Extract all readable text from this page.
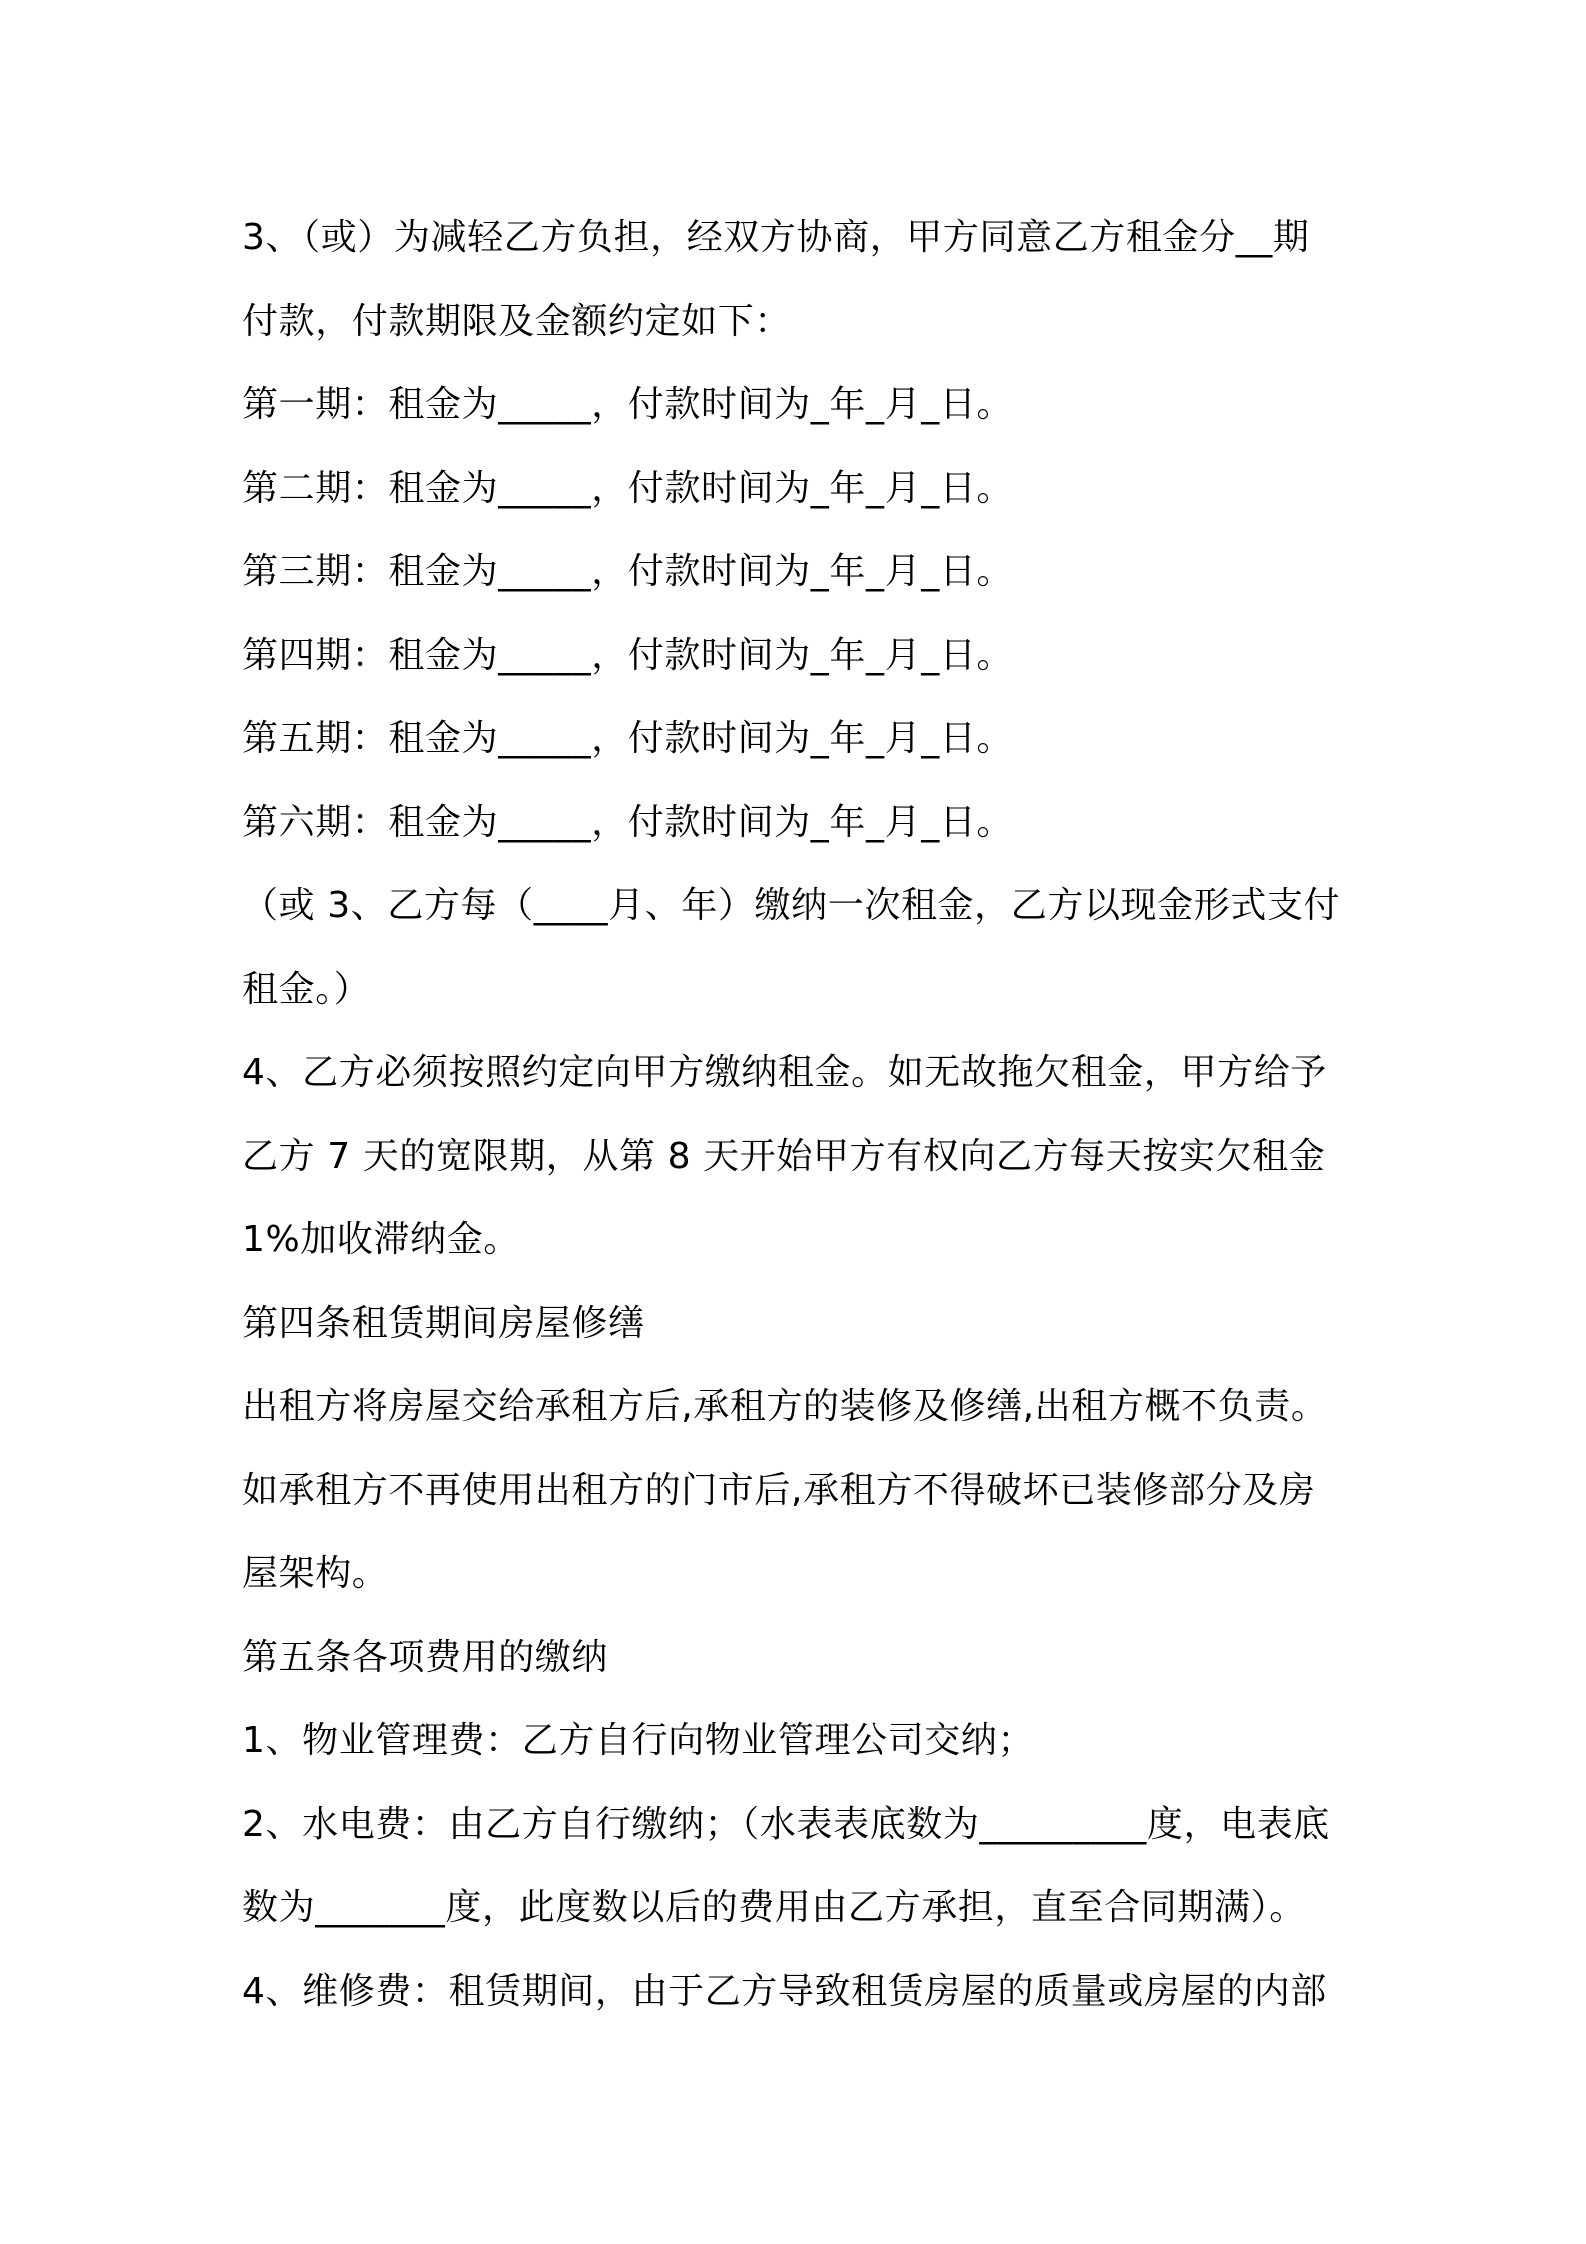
3、（或）为减轻乙方负担，经双方协商，甲方同意乙方租金分__期
付款，付款期限及金额约定如下：
第一期：租金为_____，付款时间为_年_月_日。
第二期：租金为_____，付款时间为_年_月_日。
第三期：租金为_____，付款时间为_年_月_日。
第四期：租金为_____，付款时间为_年_月_日。
第五期：租金为_____，付款时间为_年_月_日。
第六期：租金为_____，付款时间为_年_月_日。
（或 3、乙方每（____月、年）缴纳一次租金，乙方以现金形式支付
租金。）
4、乙方必须按照约定向甲方缴纳租金。如无故拖欠租金，甲方给予
乙方 7 天的宽限期，从第 8 天开始甲方有权向乙方每天按实欠租金
1%加收滞纳金。
第四条租赁期间房屋修缮
出租方将房屋交给承租方后,承租方的装修及修缮,出租方概不负责。
如承租方不再使用出租方的门市后,承租方不得破坏已装修部分及房
屋架构。
第五条各项费用的缴纳
1、物业管理费：乙方自行向物业管理公司交纳；
2、水电费：由乙方自行缴纳；（水表表底数为_________度，电表底
数为_______度，此度数以后的费用由乙方承担，直至合同期满）。
4、维修费：租赁期间，由于乙方导致租赁房屋的质量或房屋的内部
